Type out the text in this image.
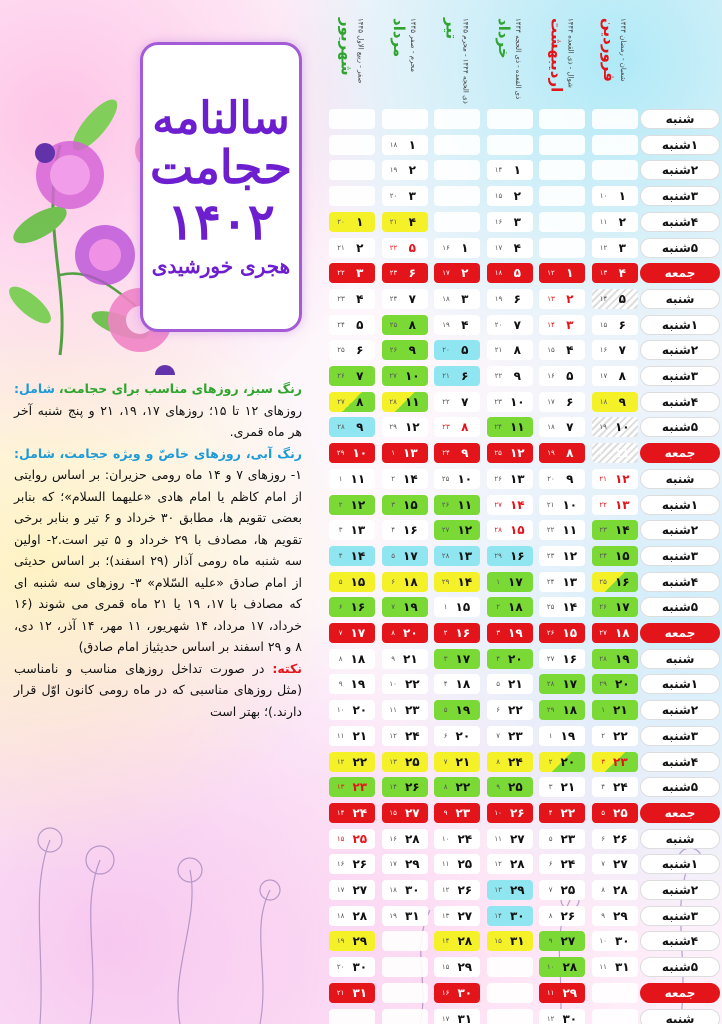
سالنامه
حجامت
۱۴۰۲
هجری خورشیدی
فروردین شعبان - رمضان ۱۴۴۴
اردیبهشت شوال - ذی القعده ۱۴۴۴
خرداد ذی القعده - ذی الحجه ۱۴۴۴
تیر ذی الحجه ۱۴۴۴ - محرم ۱۴۴۵
مرداد محرم - صفر ۱۴۴۵
شهریور صفر - ربیع الاول ۱۴۴۵
شنبه
۱شنبه
۱۸ ۱
۲شنبه
۱۴ ۱
۱۹ ۲
۳شنبه
۱۰ ۱
۱۵ ۲
۲۰ ۳
۴شنبه
۱۱ ۲
۱۶ ۳
۲۱ ۴
۲۰ ۱
۵شنبه
۱۲ ۳
۱۷ ۴
۱۶ ۱
۲۲ ۵
۲۱ ۲
جمعه
۱۳ ۴
۱۲ ۱
۱۸ ۵
۱۷ ۲
۲۳ ۶
۲۲ ۳
شنبه
۱۴ ۵
۱۳ ۲
۱۹ ۶
۱۸ ۳
۲۴ ۷
۲۳ ۴
۱شنبه
۱۵ ۶
۱۴ ۳
۲۰ ۷
۱۹ ۴
۲۵ ۸
۲۴ ۵
۲شنبه
۱۶ ۷
۱۵ ۴
۲۱ ۸
۲۰ ۵
۲۶ ۹
۲۵ ۶
۳شنبه
۱۷ ۸
۱۶ ۵
۲۲ ۹
۲۱ ۶
۲۷ ۱۰
۲۶ ۷
۴شنبه
۱۸ ۹
۱۷ ۶
۲۳ ۱۰
۲۲ ۷
۲۸ ۱۱
۲۷ ۸
۵شنبه
۱۹ ۱۰
۱۸ ۷
۲۴ ۱۱
۲۳ ۸
۲۹ ۱۲
۲۸ ۹
جمعه
۲۰ ۱۱
۱۹ ۸
۲۵ ۱۲
۲۴ ۹
۱ ۱۳
۲۹ ۱۰
شنبه
۲۱ ۱۲
۲۰ ۹
۲۶ ۱۳
۲۵ ۱۰
۲ ۱۴
۱ ۱۱
۱شنبه
۲۲ ۱۳
۲۱ ۱۰
۲۷ ۱۴
۲۶ ۱۱
۳ ۱۵
۲ ۱۲
۲شنبه
۲۳ ۱۴
۲۲ ۱۱
۲۸ ۱۵
۲۷ ۱۲
۴ ۱۶
۳ ۱۳
۳شنبه
۲۴ ۱۵
۲۳ ۱۲
۲۹ ۱۶
۲۸ ۱۳
۵ ۱۷
۴ ۱۴
۴شنبه
۲۵ ۱۶
۲۴ ۱۳
۱ ۱۷
۲۹ ۱۴
۶ ۱۸
۵ ۱۵
۵شنبه
۲۶ ۱۷
۲۵ ۱۴
۲ ۱۸
۱ ۱۵
۷ ۱۹
۶ ۱۶
جمعه
۲۷ ۱۸
۲۶ ۱۵
۳ ۱۹
۲ ۱۶
۸ ۲۰
۷ ۱۷
شنبه
۲۸ ۱۹
۲۷ ۱۶
۴ ۲۰
۳ ۱۷
۹ ۲۱
۸ ۱۸
۱شنبه
۲۹ ۲۰
۲۸ ۱۷
۵ ۲۱
۴ ۱۸
۱۰ ۲۲
۹ ۱۹
۲شنبه
۱ ۲۱
۲۹ ۱۸
۶ ۲۲
۵ ۱۹
۱۱ ۲۳
۱۰ ۲۰
۳شنبه
۲ ۲۲
۱ ۱۹
۷ ۲۳
۶ ۲۰
۱۲ ۲۴
۱۱ ۲۱
۴شنبه
۳ ۲۳
۲ ۲۰
۸ ۲۴
۷ ۲۱
۱۳ ۲۵
۱۲ ۲۲
۵شنبه
۴ ۲۴
۳ ۲۱
۹ ۲۵
۸ ۲۲
۱۴ ۲۶
۱۳ ۲۳
جمعه
۵ ۲۵
۴ ۲۲
۱۰ ۲۶
۹ ۲۳
۱۵ ۲۷
۱۴ ۲۴
شنبه
۶ ۲۶
۵ ۲۳
۱۱ ۲۷
۱۰ ۲۴
۱۶ ۲۸
۱۵ ۲۵
۱شنبه
۷ ۲۷
۶ ۲۴
۱۲ ۲۸
۱۱ ۲۵
۱۷ ۲۹
۱۶ ۲۶
۲شنبه
۸ ۲۸
۷ ۲۵
۱۳ ۲۹
۱۲ ۲۶
۱۸ ۳۰
۱۷ ۲۷
۳شنبه
۹ ۲۹
۸ ۲۶
۱۴ ۳۰
۱۳ ۲۷
۱۹ ۳۱
۱۸ ۲۸
۴شنبه
۱۰ ۳۰
۹ ۲۷
۱۵ ۳۱
۱۴ ۲۸
۱۹ ۲۹
۵شنبه
۱۱ ۳۱
۱۰ ۲۸
۱۵ ۲۹
۲۰ ۳۰
جمعه
۱۱ ۲۹
۱۶ ۳۰
۲۱ ۳۱
شنبه
۱۲ ۳۰
۱۷ ۳۱

رنگ سبز، روزهای مناسب برای حجامت، شامل: روزهای ۱۲ تا ۱۵؛ روزهای ۱۷، ۱۹، ۲۱ و پنج شنبه آخر هر ماه قمری.

رنگ آبی، روزهای خاصّ و ویژه حجامت، شامل: ۱- روزهای ۷ و ۱۴ ماه رومی حزیران: بر اساس روایتی از امام کاظم یا امام هادی «علیهما السلام»؛ که بنابر بعضی تقویم ها، مطابق ۳۰ خرداد و ۶ تیر و بنابر برخی تقویم ها، مصادف با ۲۹ خرداد و ۵ تیر است.۲- اولین سه شنبه ماه رومی آذار (۲۹ اسفند)؛ بر اساس حدیثی از امام صادق «علیه السّلام» ۳- روزهای سه شنبه ای که مصادف با ۱۷، ۱۹ یا ۲۱ ماه قمری می شوند (۱۶ خرداد، ۱۷ مرداد، ۱۴ شهریور، ۱۱ مهر، ۱۴ آذر، ۱۲ دی، ۸ و ۲۹ اسفند بر اساس حدیثیاز امام صادق)

نکته: در صورت تداخل روزهای مناسب و نامناسب (مثل روزهای مناسبی که در ماه رومی کانون اوّل قرار دارند.)؛ بهتر است
